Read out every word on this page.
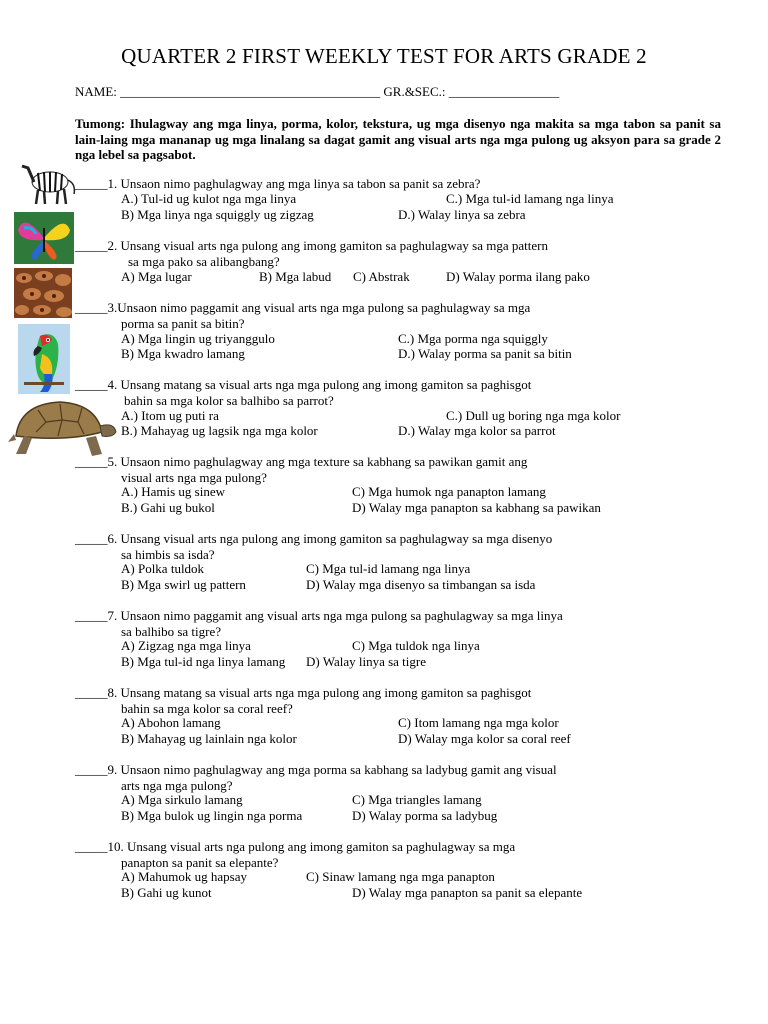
QUARTER 2 FIRST WEEKLY TEST FOR ARTS GRADE 2
NAME: ________________________________________ GR.&SEC.: _________________
Tumong: Ihulagway ang mga linya, porma, kolor, tekstura, ug mga disenyo nga makita sa mga tabon sa panit sa lain-laing mga mananap ug mga linalang sa dagat gamit ang visual arts nga mga pulong ug aksyon para sa grade 2 nga lebel sa pagsabot.
_____1. Unsaon nimo paghulagway ang mga linya sa tabon sa panit sa zebra?
A.) Tul-id ug kulot nga mga linya	C.) Mga tul-id lamang nga linya
B) Mga linya nga squiggly ug zigzag	D.) Walay linya sa zebra
_____2. Unsang visual arts nga pulong ang imong gamiton sa paghulagway sa mga pattern
sa mga pako sa alibangbang?
A) Mga lugar	B) Mga labud C) Abstrak	D) Walay porma ilang pako
_____3.Unsaon nimo paggamit ang visual arts nga mga pulong sa paghulagway sa mga
porma sa panit sa bitin?
A) Mga lingin ug triyanggulo	C.) Mga porma nga squiggly
B) Mga kwadro lamang	D.) Walay porma sa panit sa bitin
_____4. Unsang matang sa visual arts nga mga pulong ang imong gamiton sa paghisgot
bahin sa mga kolor sa balhibo sa parrot?
A.) Itom ug puti ra	C.) Dull ug boring nga mga kolor
B.) Mahayag ug lagsik nga mga kolor	D.) Walay mga kolor sa parrot
_____5. Unsaon nimo paghulagway ang mga texture sa kabhang sa pawikan gamit ang
visual arts nga mga pulong?
A.) Hamis ug sinew	C) Mga humok nga panapton lamang
B.) Gahi ug bukol	D) Walay mga panapton sa kabhang sa pawikan
_____6. Unsang visual arts nga pulong ang imong gamiton sa paghulagway sa mga disenyo
sa himbis sa isda?
A) Polka tuldok	C) Mga tul-id lamang nga linya
B) Mga swirl ug pattern	D) Walay mga disenyo sa timbangan sa isda
_____7. Unsaon nimo paggamit ang visual arts nga mga pulong sa paghulagway sa mga linya
sa balhibo sa tigre?
A) Zigzag nga mga linya	C) Mga tuldok nga linya
B) Mga tul-id nga linya lamang D) Walay linya sa tigre
_____8. Unsang matang sa visual arts nga mga pulong ang imong gamiton sa paghisgot
bahin sa mga kolor sa coral reef?
A) Abohon lamang	C) Itom lamang nga mga kolor
B) Mahayag ug lainlain nga kolor	D) Walay mga kolor sa coral reef
_____9. Unsaon nimo paghulagway ang mga porma sa kabhang sa ladybug gamit ang visual
arts nga mga pulong?
A) Mga sirkulo lamang	C) Mga triangles lamang
B) Mga bulok ug lingin nga porma	D) Walay porma sa ladybug
_____10. Unsang visual arts nga pulong ang imong gamiton sa paghulagway sa mga
panapton sa panit sa elepante?
A) Mahumok ug hapsay	C) Sinaw lamang nga mga panapton
B) Gahi ug kunot	D) Walay mga panapton sa panit sa elepante
